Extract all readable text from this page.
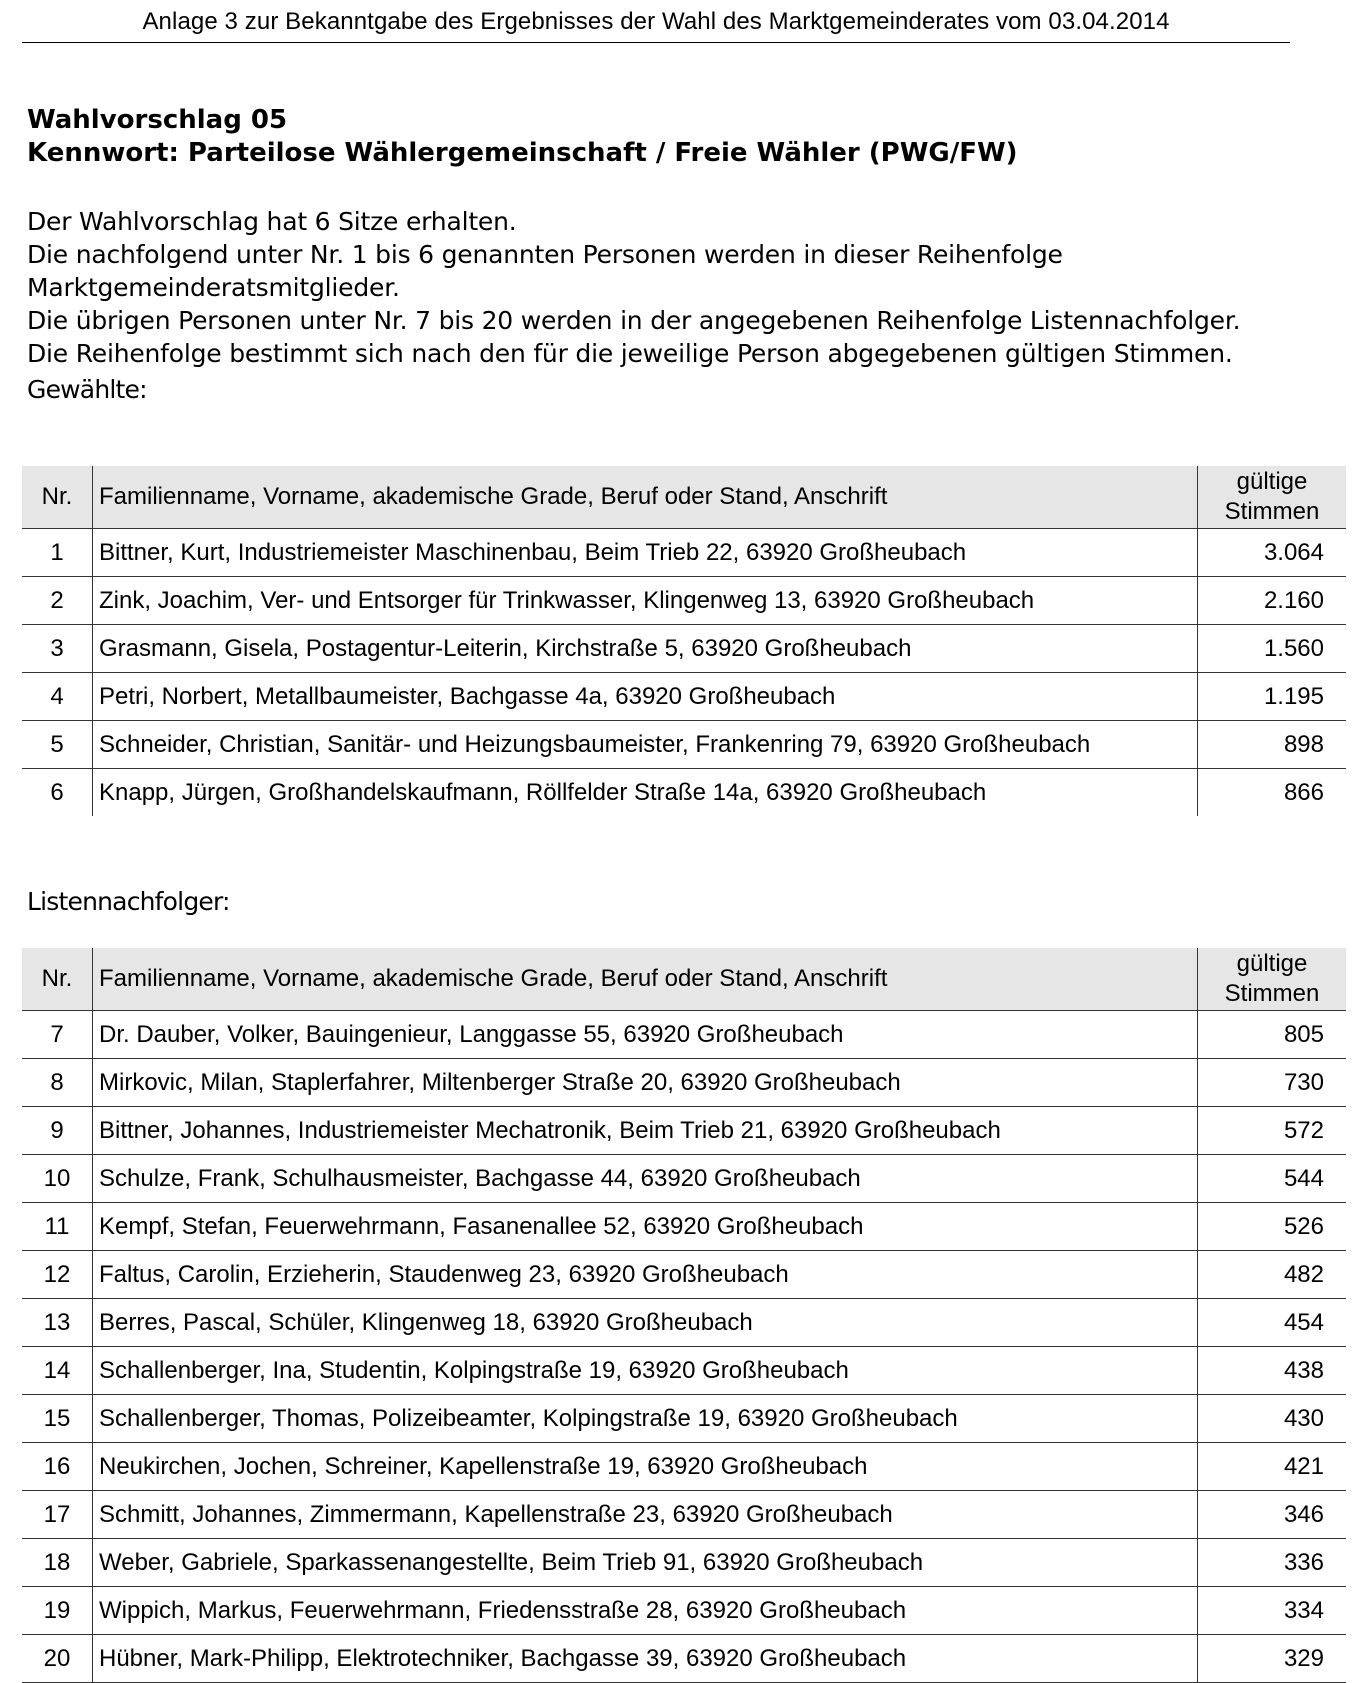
Anlage 3 zur Bekanntgabe des Ergebnisses der Wahl des Marktgemeinderates vom 03.04.2014
Wahlvorschlag 05
Kennwort: Parteilose Wählergemeinschaft / Freie Wähler (PWG/FW)
Der Wahlvorschlag hat 6 Sitze erhalten.
Die nachfolgend unter Nr. 1 bis 6 genannten Personen werden in dieser Reihenfolge
Marktgemeinderatsmitglieder.
Die übrigen Personen unter Nr. 7 bis 20 werden in der angegebenen Reihenfolge Listennachfolger.
Die Reihenfolge bestimmt sich nach den für die jeweilige Person abgegebenen gültigen Stimmen.
Gewählte:
Nr.	Familienname, Vorname, akademische Grade, Beruf oder Stand, Anschrift	gültige
Stimmen

1	Bittner, Kurt, Industriemeister Maschinenbau, Beim Trieb 22, 63920 Großheubach	3.064
2	Zink, Joachim, Ver- und Entsorger für Trinkwasser, Klingenweg 13, 63920 Großheubach	2.160
3	Grasmann, Gisela, Postagentur-Leiterin, Kirchstraße 5, 63920 Großheubach	1.560
4	Petri, Norbert, Metallbaumeister, Bachgasse 4a, 63920 Großheubach	1.195
5	Schneider, Christian, Sanitär- und Heizungsbaumeister, Frankenring 79, 63920 Großheubach	898
6	Knapp, Jürgen, Großhandelskaufmann, Röllfelder Straße 14a, 63920 Großheubach	866
Listennachfolger:
Nr.	Familienname, Vorname, akademische Grade, Beruf oder Stand, Anschrift	gültige
Stimmen

7	Dr. Dauber, Volker, Bauingenieur, Langgasse 55, 63920 Großheubach	805
8	Mirkovic, Milan, Staplerfahrer, Miltenberger Straße 20, 63920 Großheubach	730
9	Bittner, Johannes, Industriemeister Mechatronik, Beim Trieb 21, 63920 Großheubach	572
10	Schulze, Frank, Schulhausmeister, Bachgasse 44, 63920 Großheubach	544
11	Kempf, Stefan, Feuerwehrmann, Fasanenallee 52, 63920 Großheubach	526
12	Faltus, Carolin, Erzieherin, Staudenweg 23, 63920 Großheubach	482
13	Berres, Pascal, Schüler, Klingenweg 18, 63920 Großheubach	454
14	Schallenberger, Ina, Studentin, Kolpingstraße 19, 63920 Großheubach	438
15	Schallenberger, Thomas, Polizeibeamter, Kolpingstraße 19, 63920 Großheubach	430
16	Neukirchen, Jochen, Schreiner, Kapellenstraße 19, 63920 Großheubach	421
17	Schmitt, Johannes, Zimmermann, Kapellenstraße 23, 63920 Großheubach	346
18	Weber, Gabriele, Sparkassenangestellte, Beim Trieb 91, 63920 Großheubach	336
19	Wippich, Markus, Feuerwehrmann, Friedensstraße 28, 63920 Großheubach	334
20	Hübner, Mark-Philipp, Elektrotechniker, Bachgasse 39, 63920 Großheubach	329
